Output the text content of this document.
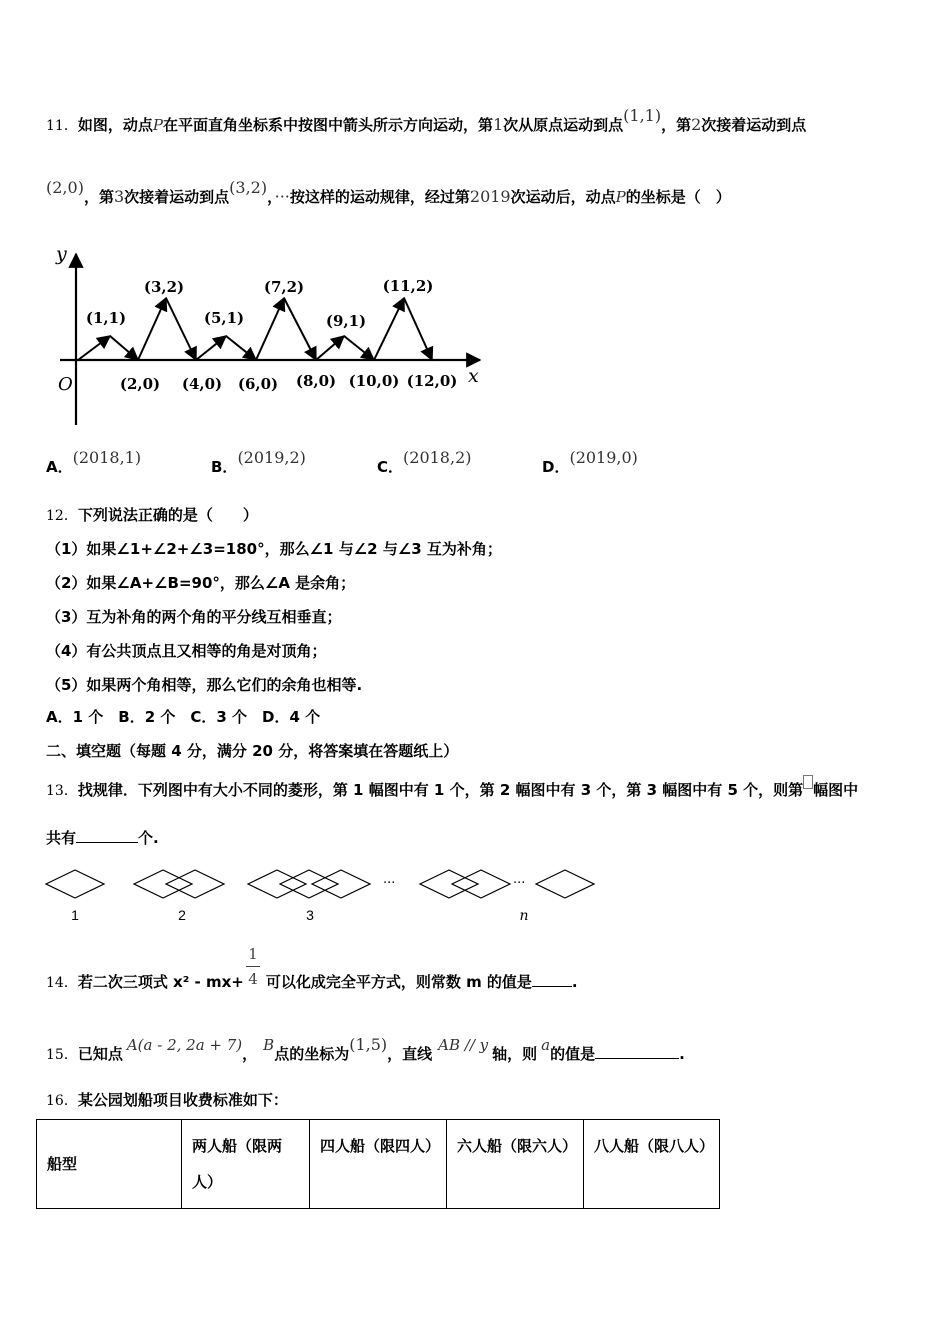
11．如图，动点P在平面直角坐标系中按图中箭头所示方向运动，第1次从原点运动到点(1,1)，第2次接着运动到点
(2,0)，第3次接着运动到点(3,2)，···按这样的运动规律，经过第2019次运动后，动点P的坐标是（　）
y
x
O
(1,1)
(3,2)
(5,1)
(7,2)
(9,1)
(11,2)
(2,0) (4,0) (6,0) (8,0) (10,0) (12,0)
A．(2018,1)	B．(2019,2)	C．(2018,2)	D．(2019,0)
12．下列说法正确的是（　　）
（1）如果∠1+∠2+∠3=180°，那么∠1 与∠2 与∠3 互为补角；
（2）如果∠A+∠B=90°，那么∠A 是余角；
（3）互为补角的两个角的平分线互相垂直；
（4）有公共顶点且又相等的角是对顶角；
（5）如果两个角相等，那么它们的余角也相等.
A．1 个　B．2 个　C．3 个　D．4 个
二、填空题（每题 4 分，满分 20 分，将答案填在答题纸上）
13．找规律．下列图中有大小不同的菱形，第 1 幅图中有 1 个，第 2 幅图中有 3 个，第 3 幅图中有 5 个，则第 幅图中
共有	个.
···	···
1	2	3	n
14．若二次三项式 x² - mx+ 可以化成完全平方式，则常数 m 的值是	.
1
4
15．已知点 A(a - 2, 2a + 7)， B点的坐标为(1,5)，直线 AB // y 轴，则 a的值是	.
16．某公园划船项目收费标准如下：
船型	两人船（限两人）	四人船（限四人）	六人船（限六人）	八人船（限八人）
